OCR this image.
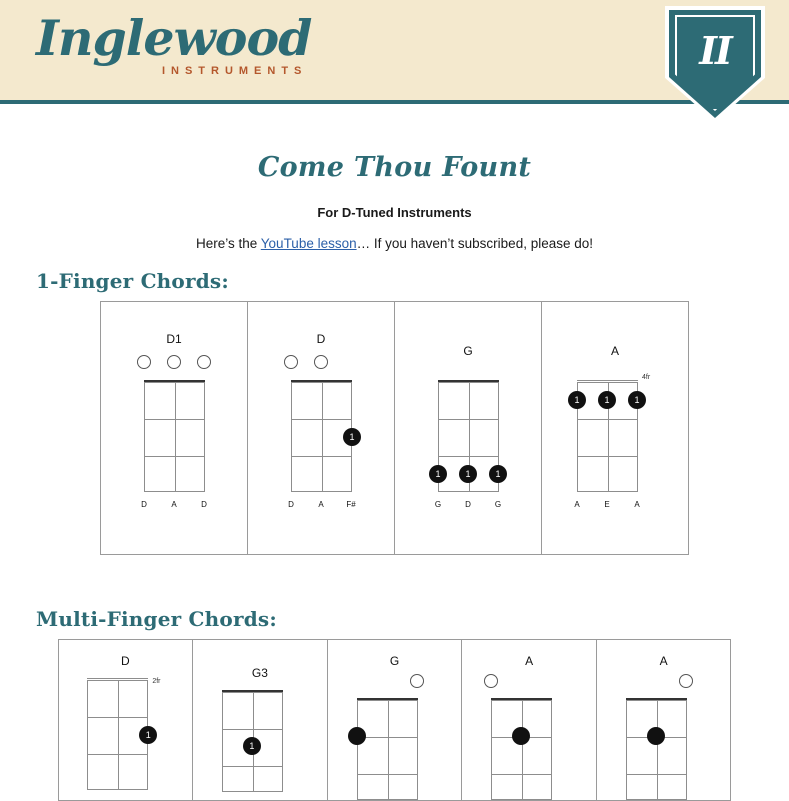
Inglewood
INSTRUMENTS	II
Come Thou Fount
For D-Tuned Instruments
Here’s the YouTube lesson… If you haven’t subscribed, please do!
1-Finger Chords:
D1
D	A	D

D
1
D	A	F#

G
1	1	1
G	D	G

A
4fr
1	1	1
A	E	A
Multi-Finger Chords:
D
2fr
1

G3
1

G	A	A
